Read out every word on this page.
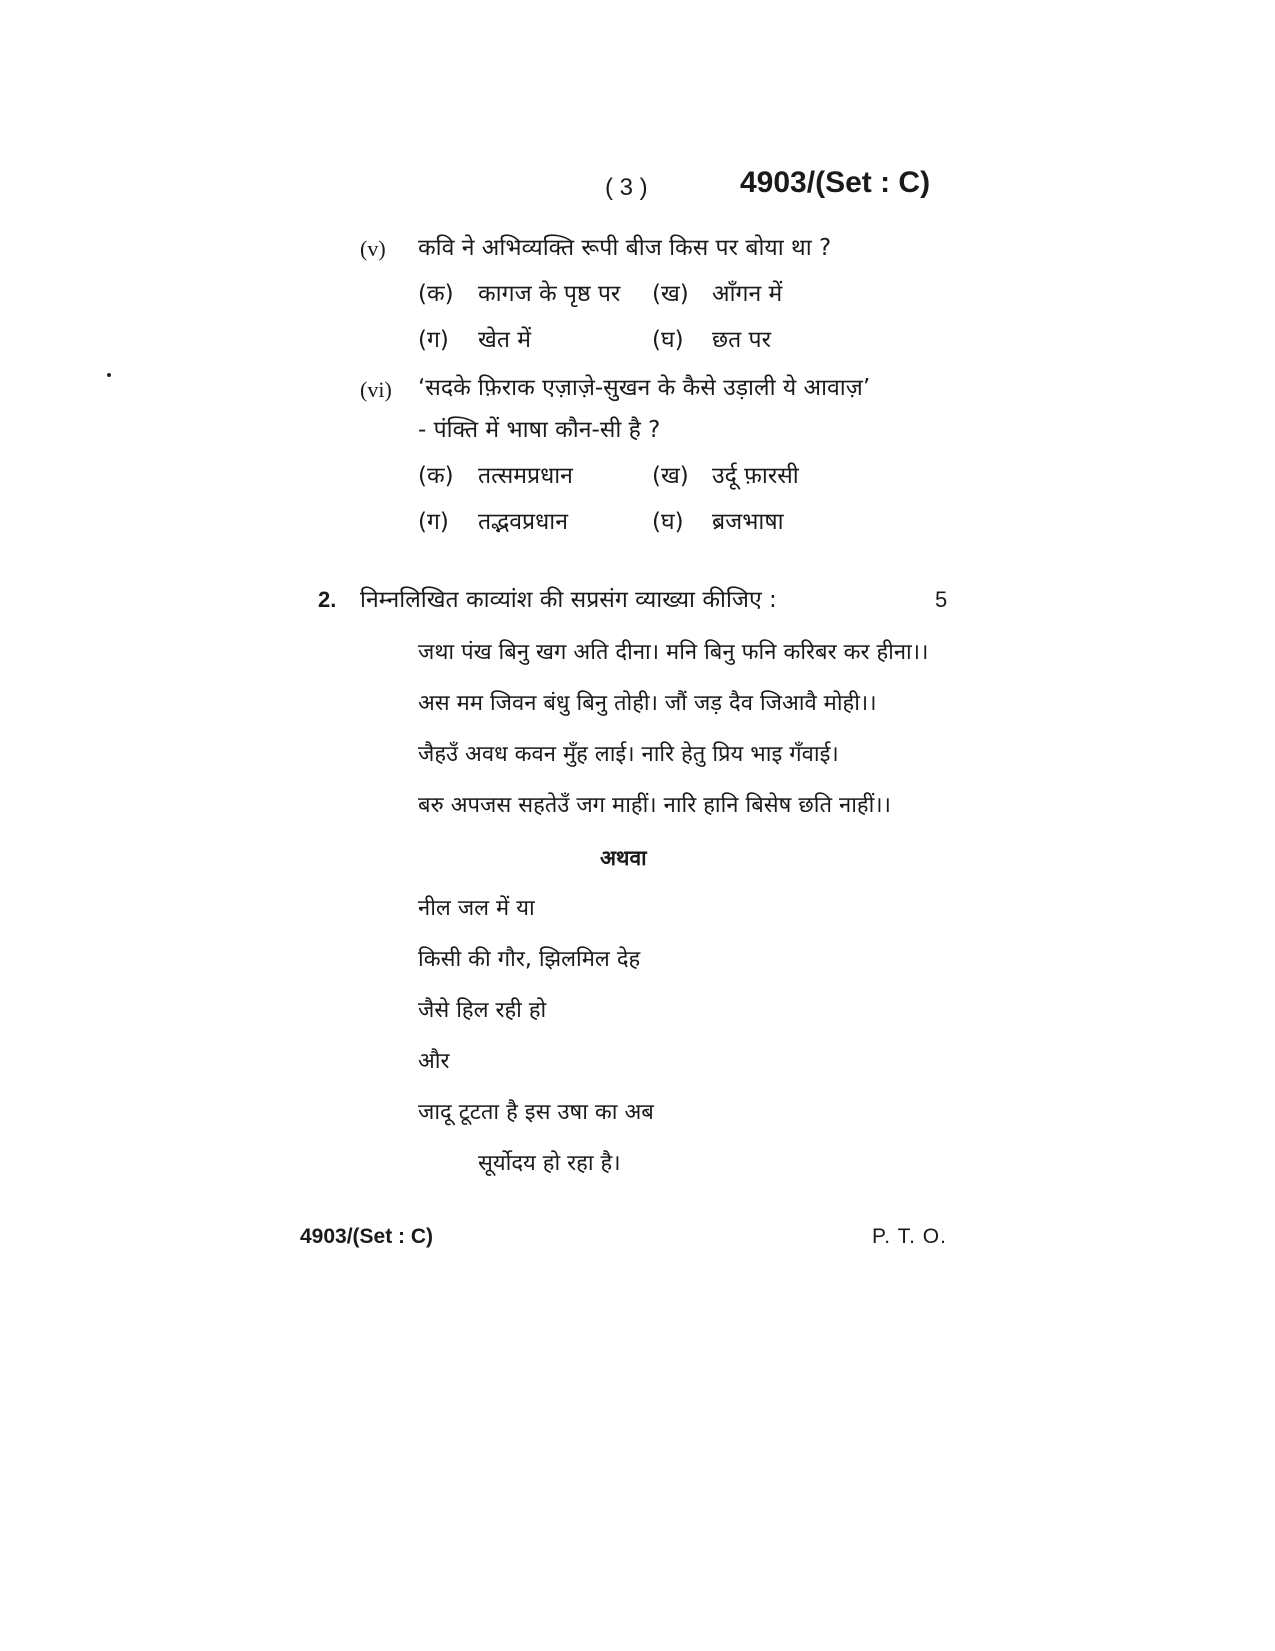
( 3 )	4903/(Set : C)
(v) कवि ने अभिव्यक्ति रूपी बीज किस पर बोया था ?
(क) कागज के पृष्ठ पर (ख) आँगन में
(ग) खेत में	(घ) छत पर
(vi) ‘सदके फ़िराक एज़ाज़े-सुखन के कैसे उड़ाली ये आवाज़’
- पंक्ति में भाषा कौन-सी है ?
(क) तत्समप्रधान	(ख) उर्दू फ़ारसी
(ग) तद्भवप्रधान	(घ) ब्रजभाषा
2. निम्नलिखित काव्यांश की सप्रसंग व्याख्या कीजिए :	5
जथा पंख बिनु खग अति दीना। मनि बिनु फनि करिबर कर हीना।।
अस मम जिवन बंधु बिनु तोही। जौं जड़ दैव जिआवै मोही।।
जैहउँ अवध कवन मुँह लाई। नारि हेतु प्रिय भाइ गँवाई।
बरु अपजस सहतेउँ जग माहीं। नारि हानि बिसेष छति नाहीं।।
अथवा
नील जल में या
किसी की गौर, झिलमिल देह
जैसे हिल रही हो
और
जादू टूटता है इस उषा का अब
सूर्योदय हो रहा है।
4903/(Set : C)	P. T. O.
